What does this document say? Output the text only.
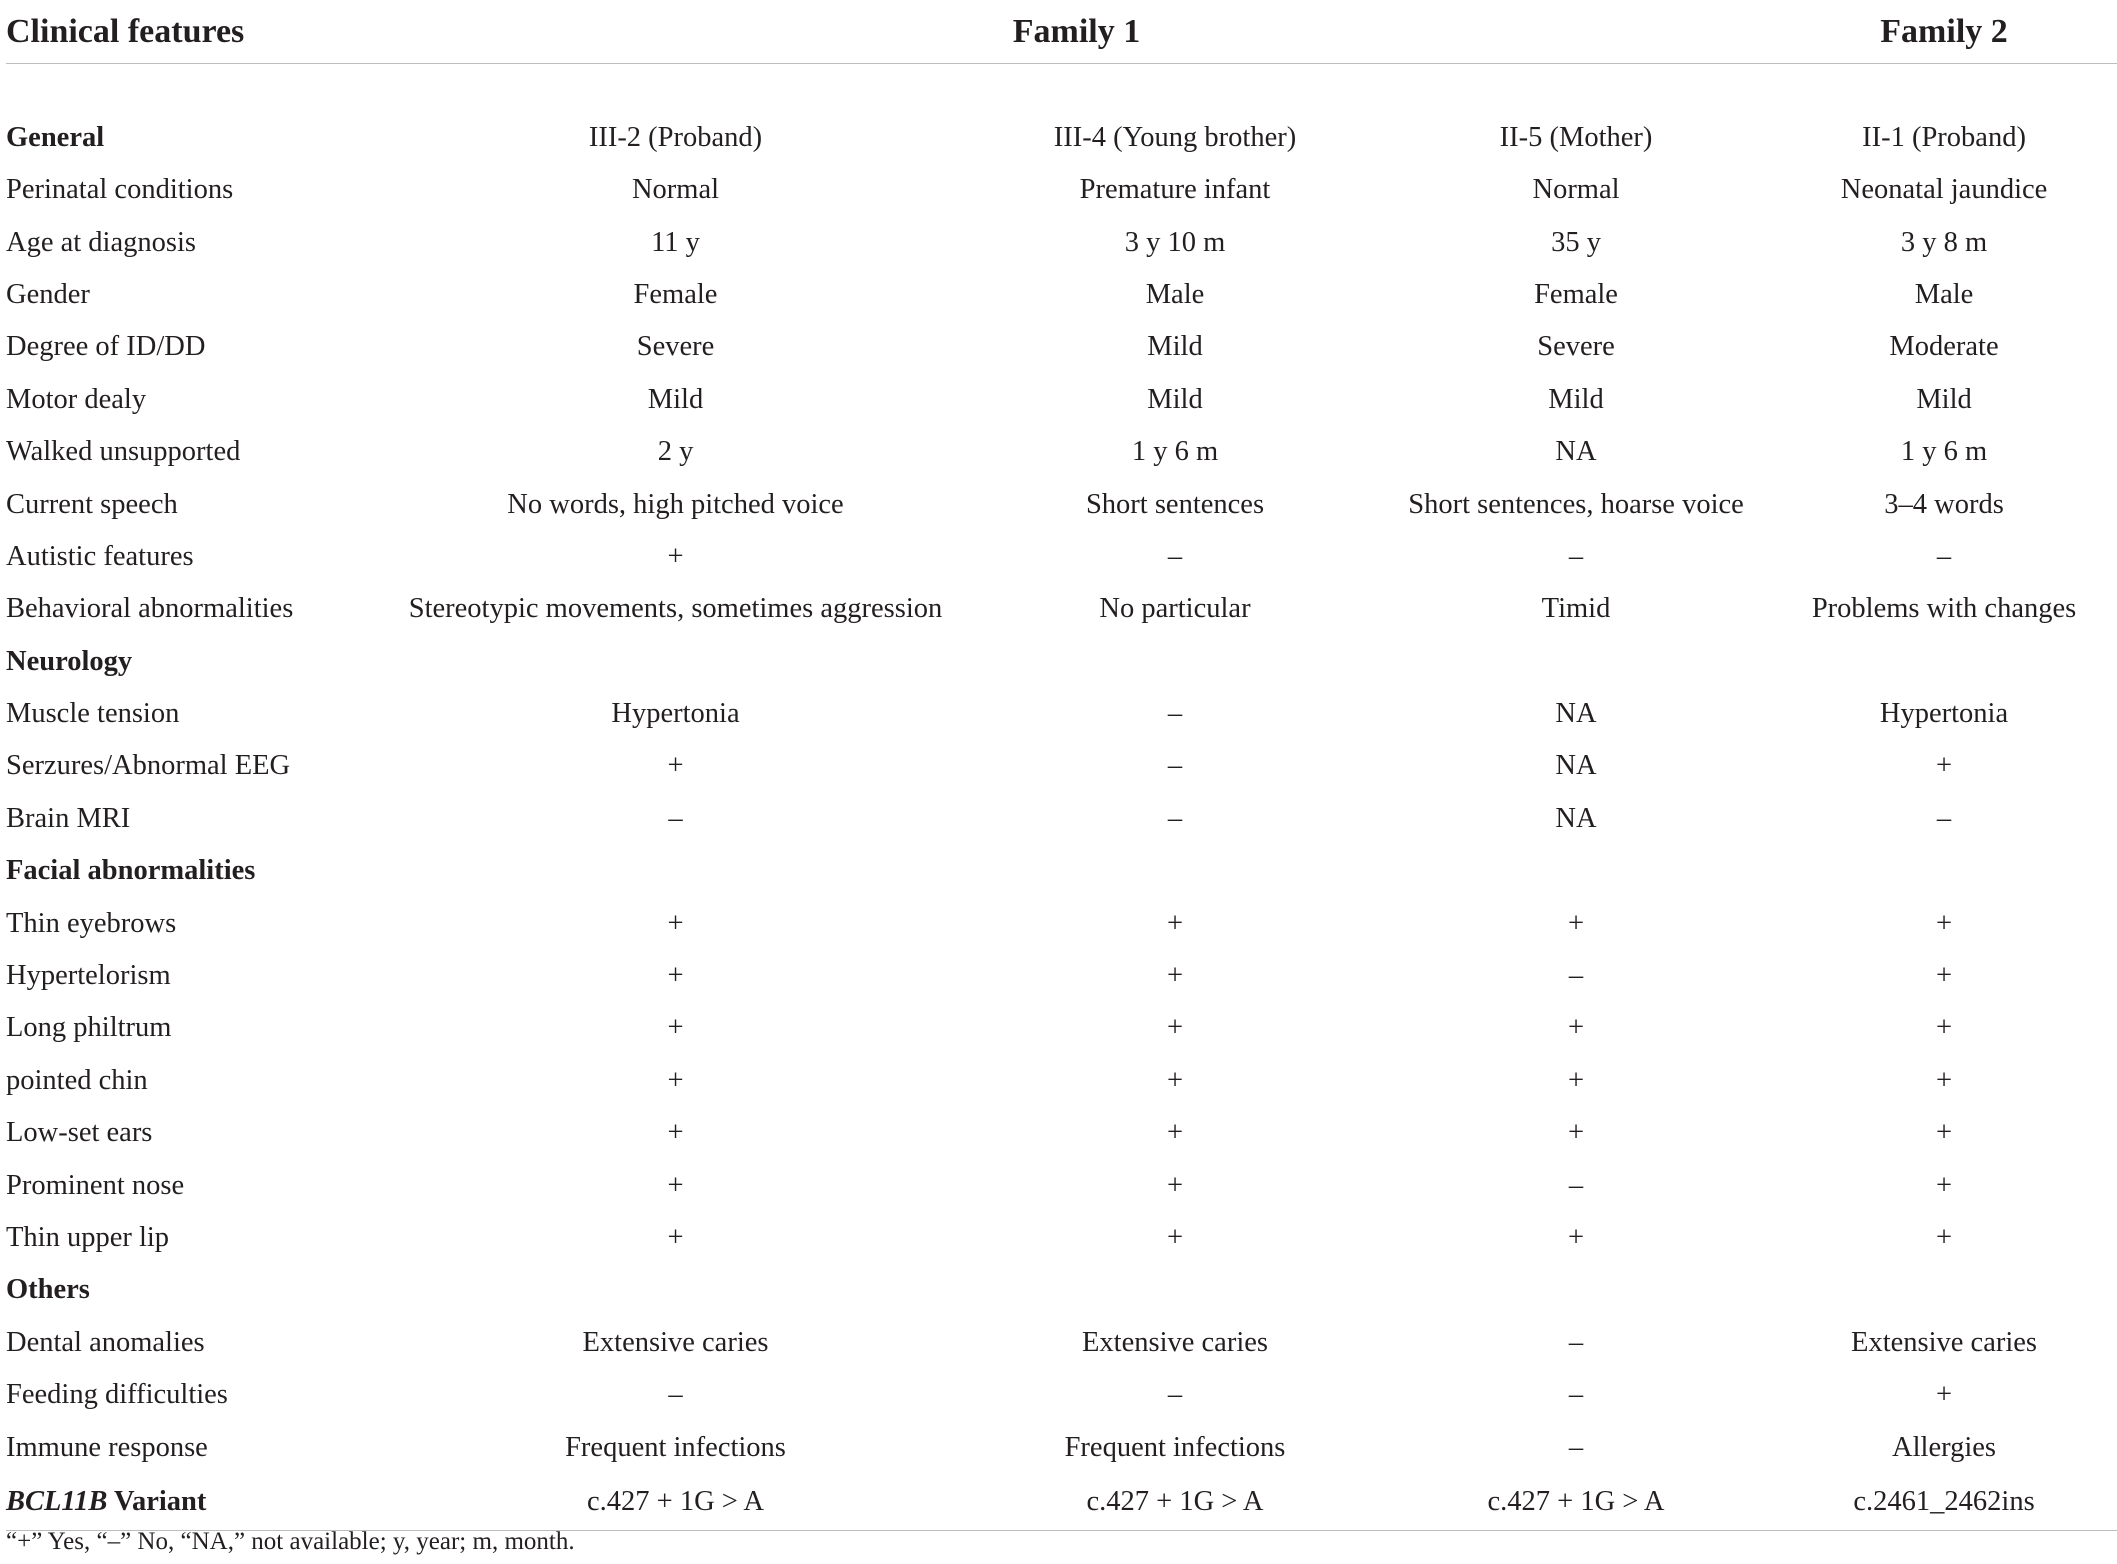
Clinical features	Family 1			Family 2
General	III-2 (Proband)	III-4 (Young brother)	II-5 (Mother)	II-1 (Proband)
Perinatal conditions	Normal	Premature infant	Normal	Neonatal jaundice
Age at diagnosis	11 y	3 y 10 m	35 y	3 y 8 m
Gender	Female	Male	Female	Male
Degree of ID/DD	Severe	Mild	Severe	Moderate
Motor dealy	Mild	Mild	Mild	Mild
Walked unsupported	2 y	1 y 6 m	NA	1 y 6 m
Current speech	No words, high pitched voice	Short sentences	Short sentences, hoarse voice	3–4 words
Autistic features	+	–	–	–
Behavioral abnormalities	Stereotypic movements, sometimes aggression	No particular	Timid	Problems with changes
Neurology				
Muscle tension	Hypertonia	–	NA	Hypertonia
Serzures/Abnormal EEG	+	–	NA	+
Brain MRI	–	–	NA	–
Facial abnormalities				
Thin eyebrows	+	+	+	+
Hypertelorism	+	+	–	+
Long philtrum	+	+	+	+
pointed chin	+	+	+	+
Low-set ears	+	+	+	+
Prominent nose	+	+	–	+
Thin upper lip	+	+	+	+
Others				
Dental anomalies	Extensive caries	Extensive caries	–	Extensive caries
Feeding difficulties	–	–	–	+
Immune response	Frequent infections	Frequent infections	–	Allergies
BCL11B Variant	c.427 + 1G > A	c.427 + 1G > A	c.427 + 1G > A	c.2461_2462ins
“+” Yes, “–” No, “NA,” not available; y, year; m, month.
